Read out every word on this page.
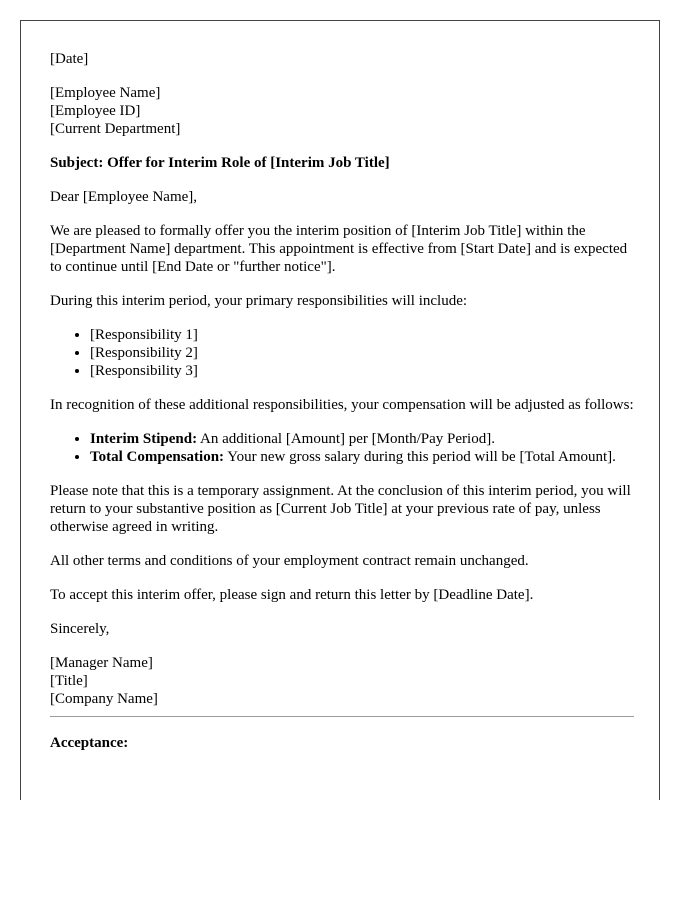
[Date]

[Employee Name]
[Employee ID]
[Current Department]

Subject: Offer for Interim Role of [Interim Job Title]

Dear [Employee Name],

We are pleased to formally offer you the interim position of [Interim Job Title] within the [Department Name] department. This appointment is effective from [Start Date] and is expected to continue until [End Date or "further notice"].

During this interim period, your primary responsibilities will include:

• [Responsibility 1]
• [Responsibility 2]
• [Responsibility 3]

In recognition of these additional responsibilities, your compensation will be adjusted as follows:

• Interim Stipend: An additional [Amount] per [Month/Pay Period].
• Total Compensation: Your new gross salary during this period will be [Total Amount].

Please note that this is a temporary assignment. At the conclusion of this interim period, you will return to your substantive position as [Current Job Title] at your previous rate of pay, unless otherwise agreed in writing.

All other terms and conditions of your employment contract remain unchanged.

To accept this interim offer, please sign and return this letter by [Deadline Date].

Sincerely,

[Manager Name]
[Title]
[Company Name]

Acceptance:
